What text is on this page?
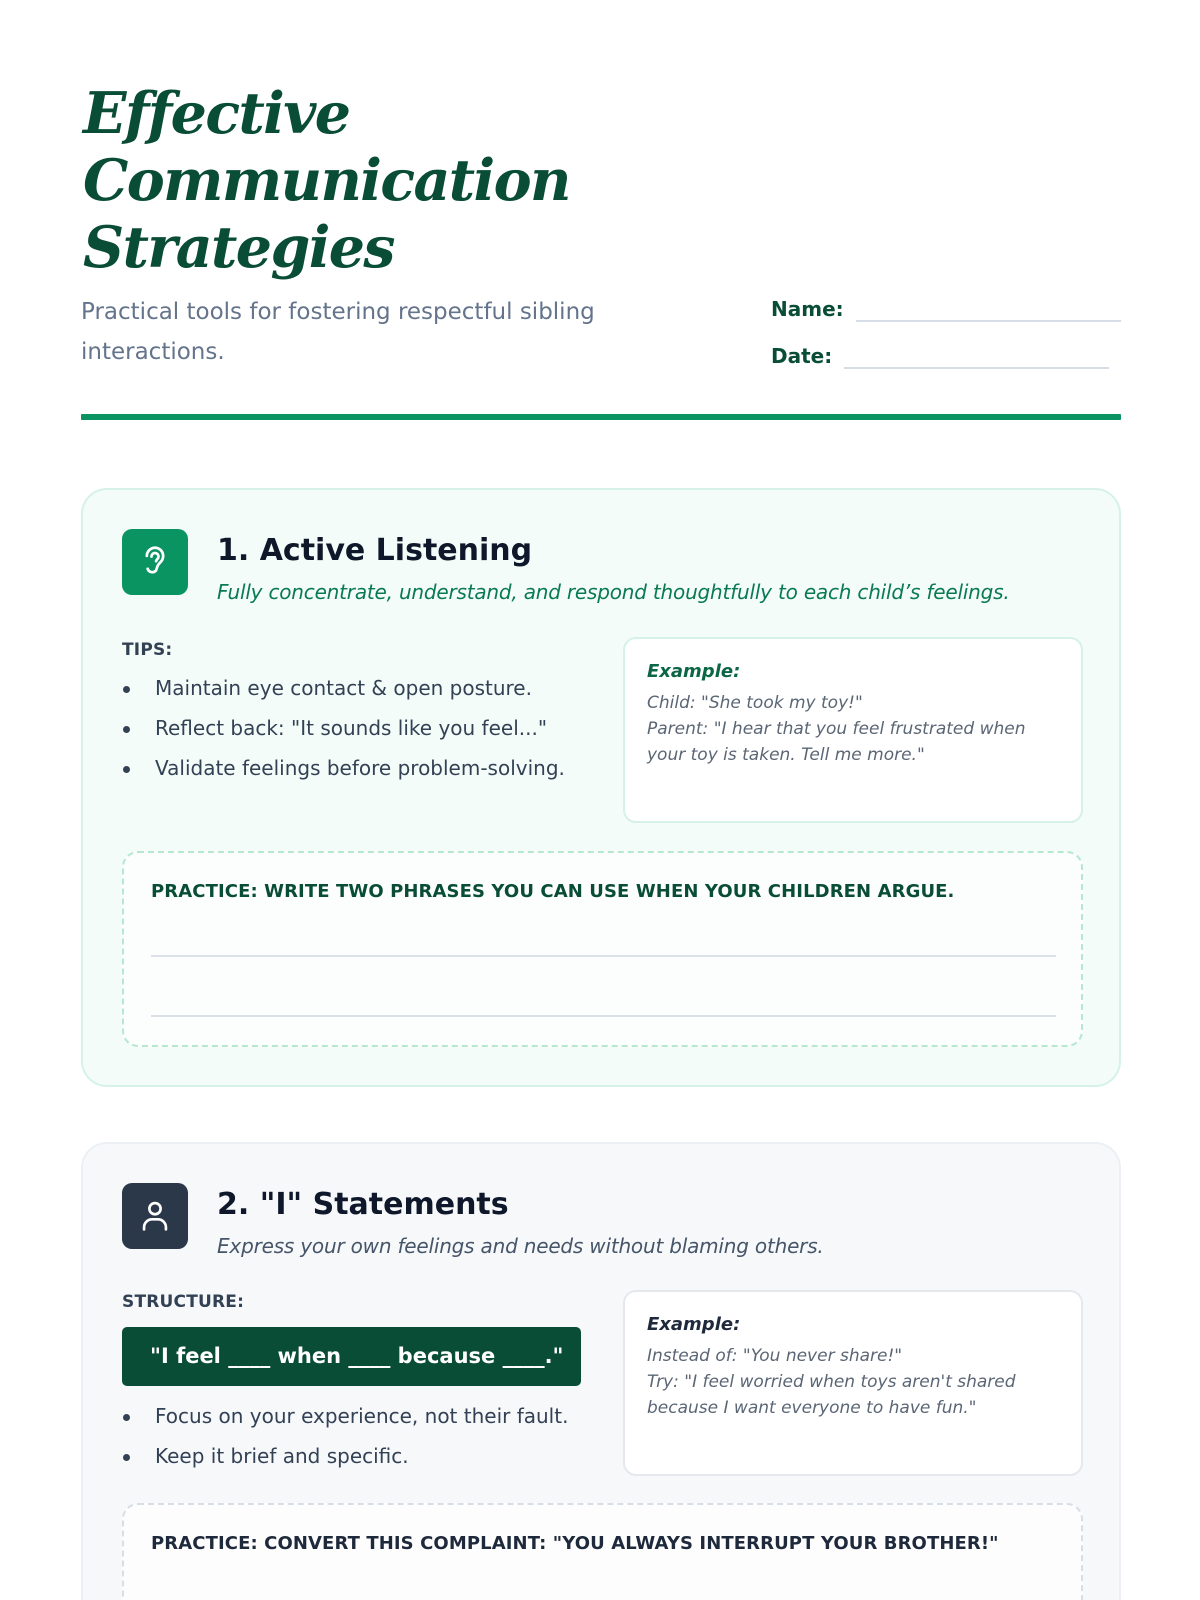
Effective
Communication
Strategies

Practical tools for fostering respectful sibling interactions.

Name:
Date:
1. Active Listening

Fully concentrate, understand, and respond thoughtfully to each child’s feelings.

TIPS:
Maintain eye contact & open posture.
Reflect back: "It sounds like you feel..."
Validate feelings before problem-solving.
Example:
Child: "She took my toy!"
Parent: "I hear that you feel frustrated when your toy is taken. Tell me more."
PRACTICE: WRITE TWO PHRASES YOU CAN USE WHEN YOUR CHILDREN ARGUE.
2. "I" Statements

Express your own feelings and needs without blaming others.

STRUCTURE:
"I feel ____ when ____ because ____."
Focus on your experience, not their fault.
Keep it brief and specific.
Example:
Instead of: "You never share!"
Try: "I feel worried when toys aren't shared because I want everyone to have fun."
PRACTICE: CONVERT THIS COMPLAINT: "YOU ALWAYS INTERRUPT YOUR BROTHER!"
